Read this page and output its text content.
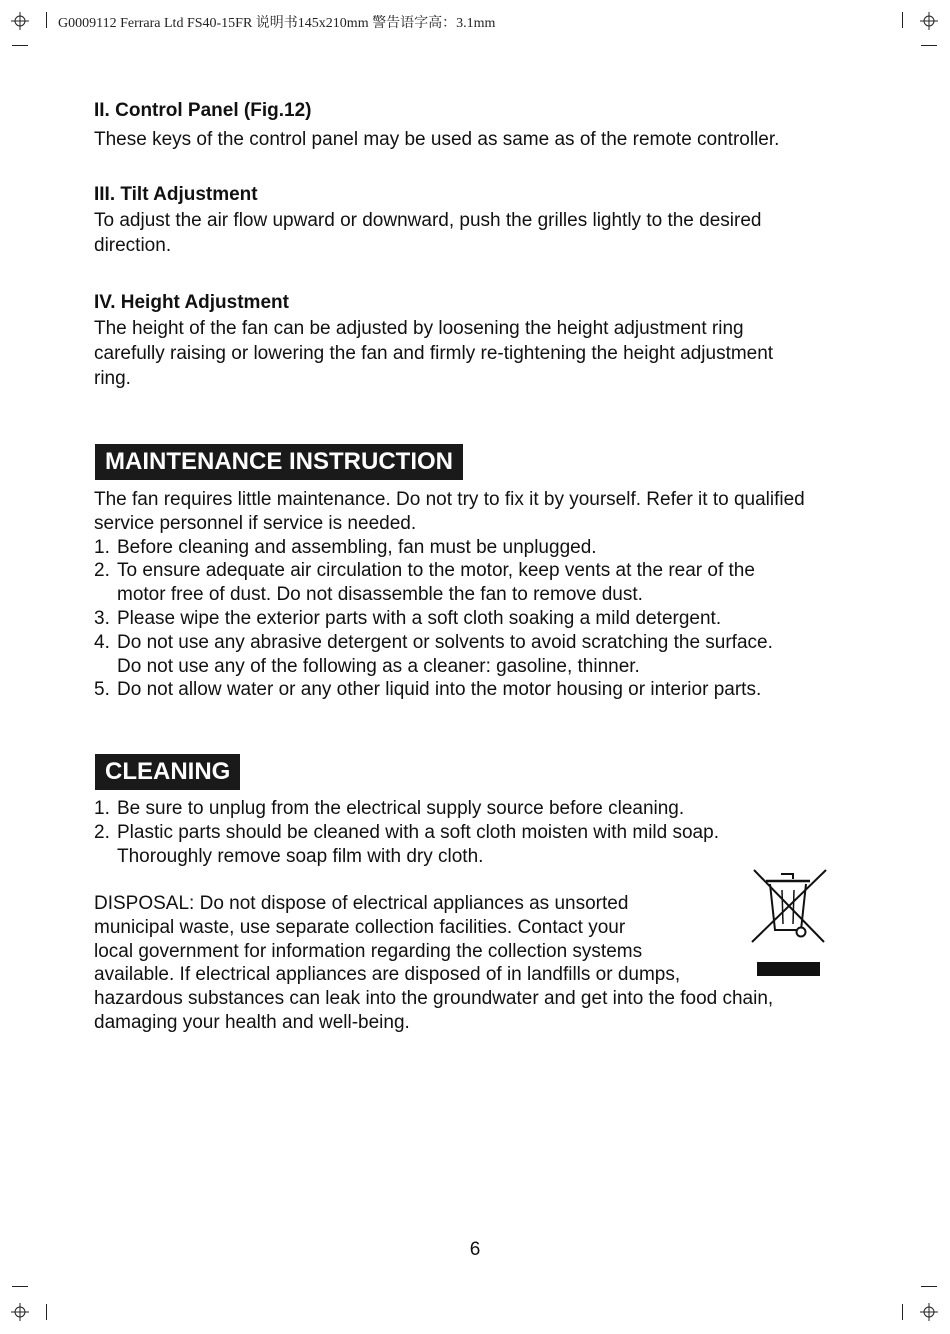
G0009112 Ferrara Ltd FS40-15FR 说明书145x210mm 警告语字高：3.1mm
II. Control Panel (Fig.12)
These keys of the control panel may be used as same as of the remote controller.
III. Tilt Adjustment
To adjust the air flow upward or downward, push the grilles lightly to the desired
direction.
IV. Height Adjustment
The height of the fan can be adjusted by loosening the height adjustment ring
carefully raising or lowering the fan and firmly re-tightening the height adjustment
ring.
MAINTENANCE INSTRUCTION
The fan requires little maintenance. Do not try to fix it by yourself. Refer it to qualified
service personnel if service is needed.
1. Before cleaning and assembling, fan must be unplugged.
2. To ensure adequate air circulation to the motor, keep vents at the rear of the
motor free of dust. Do not disassemble the fan to remove dust.
3. Please wipe the exterior parts with a soft cloth soaking a mild detergent.
4. Do not use any abrasive detergent or solvents to avoid scratching the surface.
Do not use any of the following as a cleaner: gasoline, thinner.
5. Do not allow water or any other liquid into the motor housing or interior parts.
CLEANING
1. Be sure to unplug from the electrical supply source before cleaning.
2. Plastic parts should be cleaned with a soft cloth moisten with mild soap.
Thoroughly remove soap film with dry cloth.
DISPOSAL: Do not dispose of electrical appliances as unsorted
municipal waste, use separate collection facilities. Contact your
local government for information regarding the collection systems
available. If electrical appliances are disposed of in landfills or dumps,
hazardous substances can leak into the groundwater and get into the food chain,
damaging your health and well-being.
6
